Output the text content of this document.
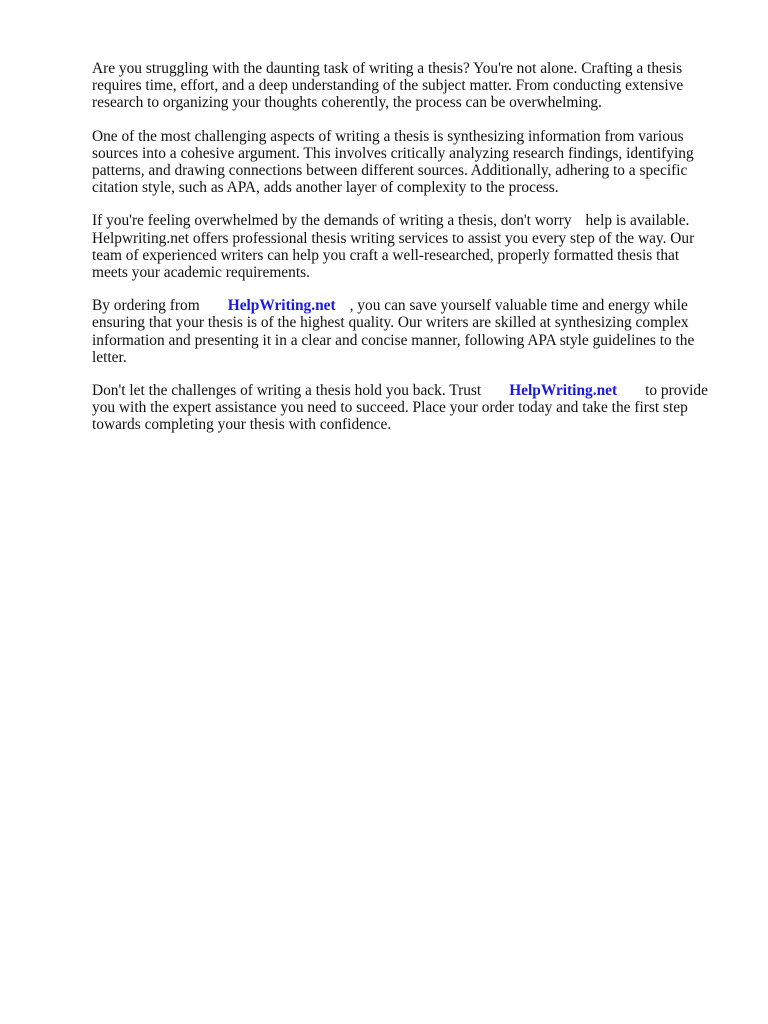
Are you struggling with the daunting task of writing a thesis? You're not alone. Crafting a thesis requires time, effort, and a deep understanding of the subject matter. From conducting extensive research to organizing your thoughts coherently, the process can be overwhelming.

One of the most challenging aspects of writing a thesis is synthesizing information from various sources into a cohesive argument. This involves critically analyzing research findings, identifying patterns, and drawing connections between different sources. Additionally, adhering to a specific citation style, such as APA, adds another layer of complexity to the process.

If you're feeling overwhelmed by the demands of writing a thesis, don't worry help is available. Helpwriting.net offers professional thesis writing services to assist you every step of the way. Our team of experienced writers can help you craft a well-researched, properly formatted thesis that meets your academic requirements.

By ordering from HelpWriting.net , you can save yourself valuable time and energy while ensuring that your thesis is of the highest quality. Our writers are skilled at synthesizing complex information and presenting it in a clear and concise manner, following APA style guidelines to the letter.

Don't let the challenges of writing a thesis hold you back. Trust HelpWriting.net to provide you with the expert assistance you need to succeed. Place your order today and take the first step towards completing your thesis with confidence.
